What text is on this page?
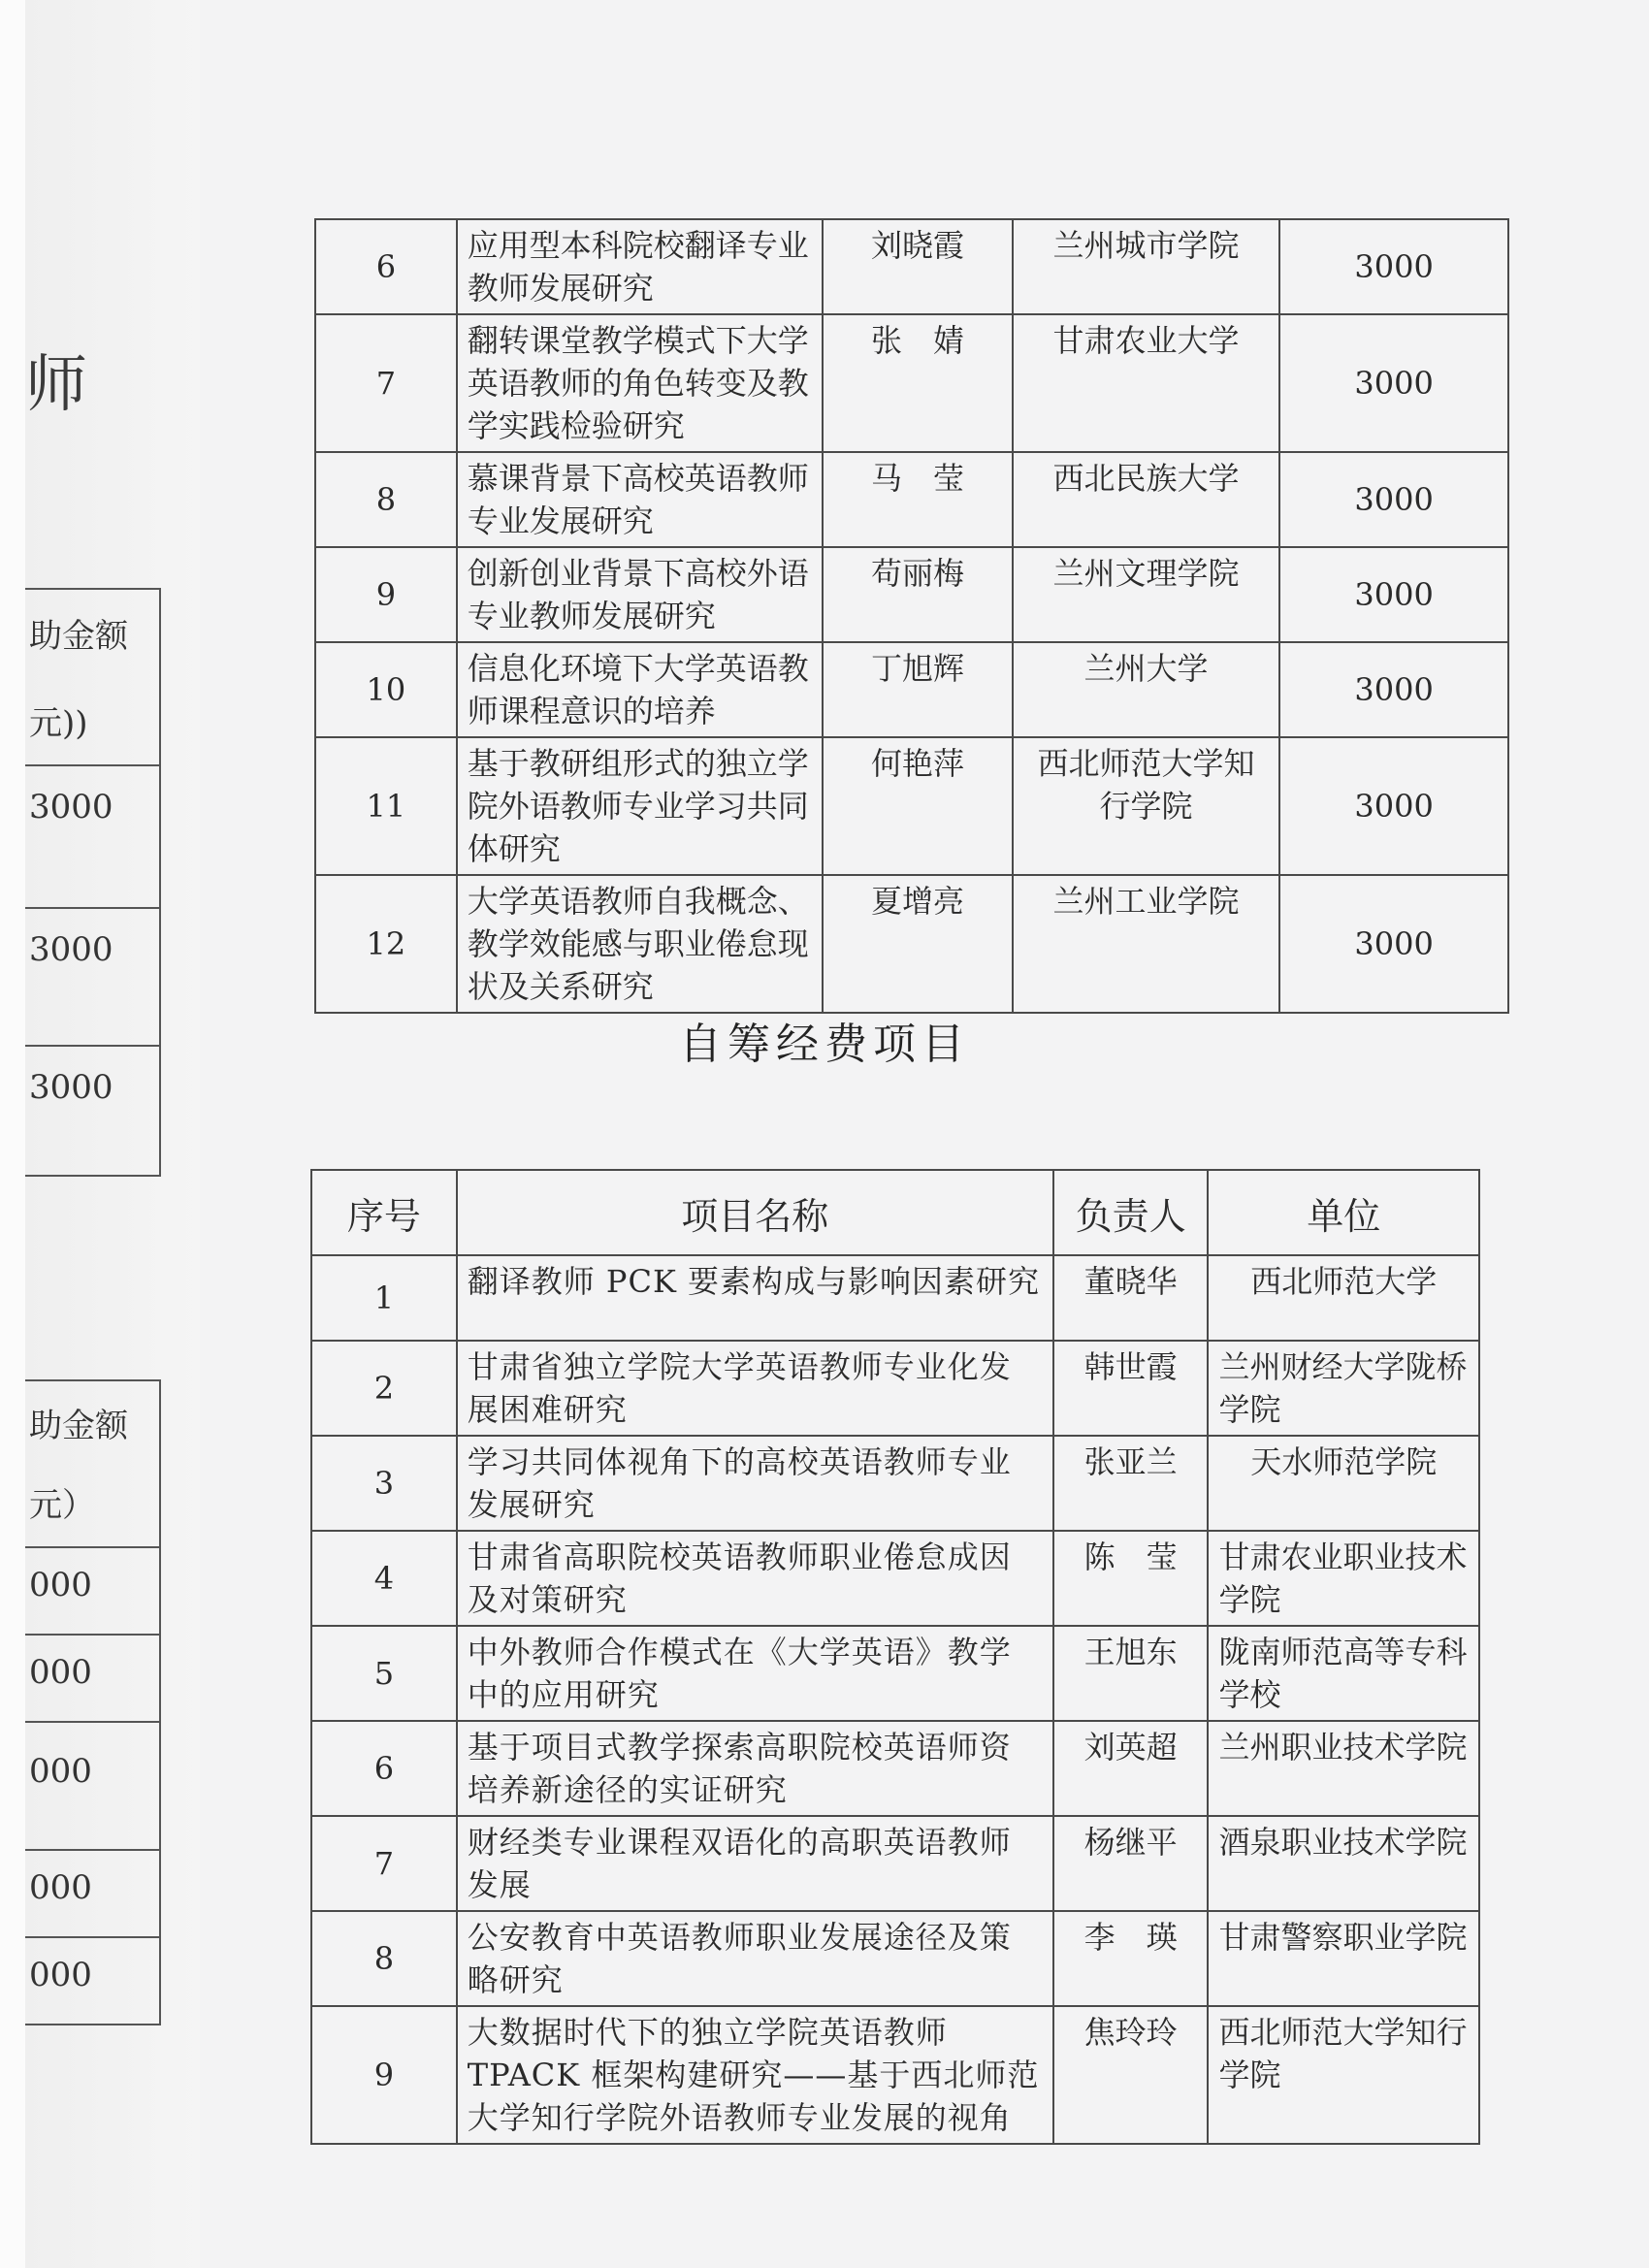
师
助金额
元))
3000
3000
3000
助金额
元）
000
000
000
000
000
6	应用型本科院校翻译专业教师发展研究	刘晓霞	兰州城市学院	3000
7	翻转课堂教学模式下大学英语教师的角色转变及教学实践检验研究	张　婧	甘肃农业大学	3000
8	慕课背景下高校英语教师专业发展研究	马　莹	西北民族大学	3000
9	创新创业背景下高校外语专业教师发展研究	苟丽梅	兰州文理学院	3000
10	信息化环境下大学英语教师课程意识的培养	丁旭辉	兰州大学	3000
11	基于教研组形式的独立学院外语教师专业学习共同体研究	何艳萍	西北师范大学知行学院	3000
12	大学英语教师自我概念、教学效能感与职业倦怠现状及关系研究	夏增亮	兰州工业学院	3000
自筹经费项目
序号	项目名称	负责人	单位
1	翻译教师 PCK 要素构成与影响因素研究	董晓华	西北师范大学
2	甘肃省独立学院大学英语教师专业化发展困难研究	韩世霞	兰州财经大学陇桥学院
3	学习共同体视角下的高校英语教师专业发展研究	张亚兰	天水师范学院
4	甘肃省高职院校英语教师职业倦怠成因及对策研究	陈　莹	甘肃农业职业技术学院
5	中外教师合作模式在《大学英语》教学中的应用研究	王旭东	陇南师范高等专科学校
6	基于项目式教学探索高职院校英语师资培养新途径的实证研究	刘英超	兰州职业技术学院
7	财经类专业课程双语化的高职英语教师发展	杨继平	酒泉职业技术学院
8	公安教育中英语教师职业发展途径及策略研究	李　瑛	甘肃警察职业学院
9	大数据时代下的独立学院英语教师 TPACK 框架构建研究——基于西北师范大学知行学院外语教师专业发展的视角	焦玲玲	西北师范大学知行学院
